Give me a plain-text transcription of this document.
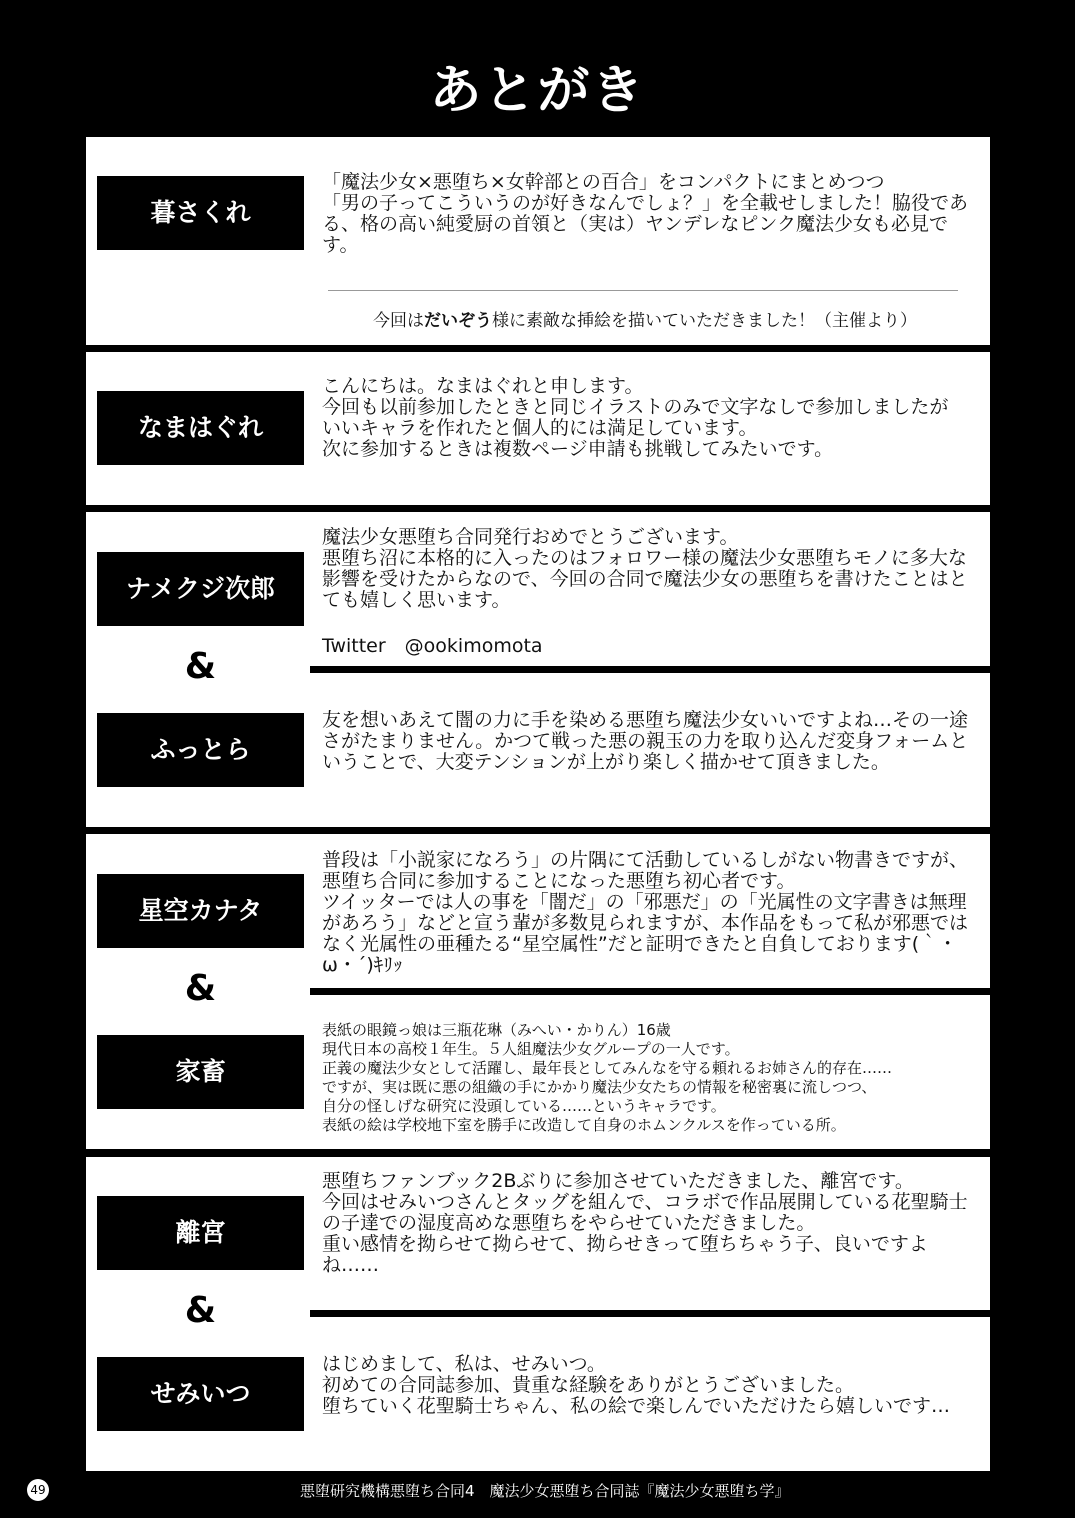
あとがき
暮さくれ
「魔法少女×悪堕ち×女幹部との百合」をコンパクトにまとめつつ
「男の子ってこういうのが好きなんでしょ？」を全載せしました！脇役である、格の高い純愛厨の首領と（実は）ヤンデレなピンク魔法少女も必見です。
今回はだいぞう様に素敵な挿絵を描いていただきました！（主催より）
なまはぐれ
こんにちは。なまはぐれと申します。
今回も以前参加したときと同じイラストのみで文字なしで参加しましたが
いいキャラを作れたと個人的には満足しています。
次に参加するときは複数ページ申請も挑戦してみたいです。
ナメクジ次郎
魔法少女悪堕ち合同発行おめでとうございます。
悪堕ち沼に本格的に入ったのはフォロワー様の魔法少女悪堕ちモノに多大な影響を受けたからなので、今回の合同で魔法少女の悪堕ちを書けたことはとても嬉しく思います。
Twitter　@ookimomota
&
ふっとら
友を想いあえて闇の力に手を染める悪堕ち魔法少女いいですよね…その一途さがたまりません。かつて戦った悪の親玉の力を取り込んだ変身フォームということで、大変テンションが上がり楽しく描かせて頂きました。
星空カナタ
普段は「小説家になろう」の片隅にて活動しているしがない物書きですが、悪堕ち合同に参加することになった悪堕ち初心者です。
ツイッターでは人の事を「闇だ」の「邪悪だ」の「光属性の文字書きは無理があろう」などと宣う輩が多数見られますが、本作品をもって私が邪悪ではなく光属性の亜種たる“星空属性”だと証明できたと自負しております(｀・ω・´)ｷﾘｯ
&
家畜
表紙の眼鏡っ娘は三瓶花琳（みへい・かりん）16歳
現代日本の高校１年生。５人組魔法少女グループの一人です。
正義の魔法少女として活躍し、最年長としてみんなを守る頼れるお姉さん的存在……
ですが、実は既に悪の組織の手にかかり魔法少女たちの情報を秘密裏に流しつつ、
自分の怪しげな研究に没頭している……というキャラです。
表紙の絵は学校地下室を勝手に改造して自身のホムンクルスを作っている所。
離宮
悪堕ちファンブック2Bぶりに参加させていただきました、離宮です。
今回はせみいつさんとタッグを組んで、コラボで作品展開している花聖騎士の子達での湿度高めな悪堕ちをやらせていただきました。
重い感情を拗らせて拗らせて、拗らせきって堕ちちゃう子、良いですよね……
&
せみいつ
はじめまして、私は、せみいつ。
初めての合同誌参加、貴重な経験をありがとうございました。
堕ちていく花聖騎士ちゃん、私の絵で楽しんでいただけたら嬉しいです…
49	悪堕研究機構悪堕ち合同4　魔法少女悪堕ち合同誌『魔法少女悪堕ち学』
